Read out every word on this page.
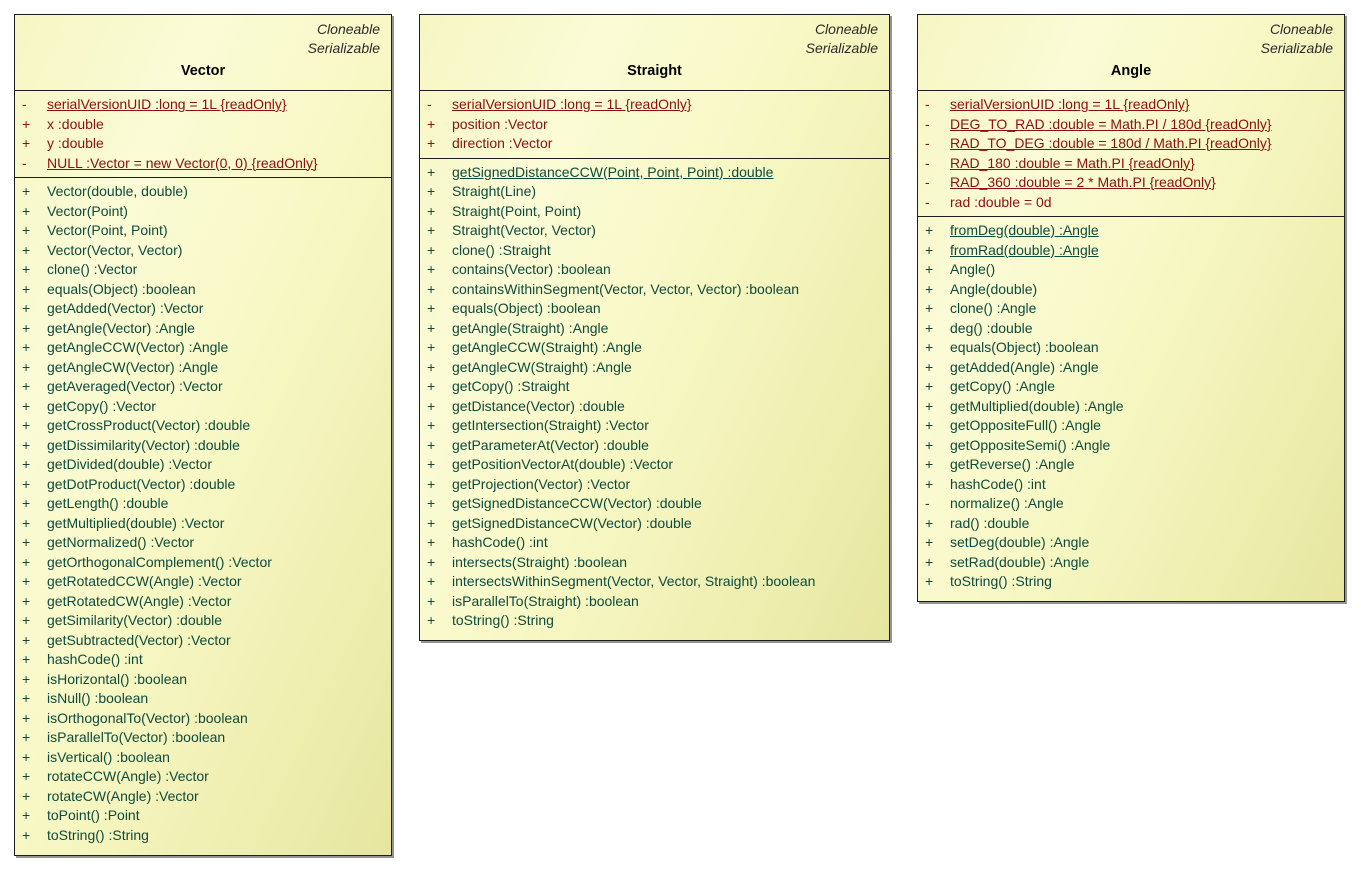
Cloneable
Serializable
Vector
-	serialVersionUID :long = 1L {readOnly}
+	x :double
+	y :double
-	NULL :Vector = new Vector(0, 0) {readOnly}
+	Vector(double, double)
+	Vector(Point)
+	Vector(Point, Point)
+	Vector(Vector, Vector)
+	clone() :Vector
+	equals(Object) :boolean
+	getAdded(Vector) :Vector
+	getAngle(Vector) :Angle
+	getAngleCCW(Vector) :Angle
+	getAngleCW(Vector) :Angle
+	getAveraged(Vector) :Vector
+	getCopy() :Vector
+	getCrossProduct(Vector) :double
+	getDissimilarity(Vector) :double
+	getDivided(double) :Vector
+	getDotProduct(Vector) :double
+	getLength() :double
+	getMultiplied(double) :Vector
+	getNormalized() :Vector
+	getOrthogonalComplement() :Vector
+	getRotatedCCW(Angle) :Vector
+	getRotatedCW(Angle) :Vector
+	getSimilarity(Vector) :double
+	getSubtracted(Vector) :Vector
+	hashCode() :int
+	isHorizontal() :boolean
+	isNull() :boolean
+	isOrthogonalTo(Vector) :boolean
+	isParallelTo(Vector) :boolean
+	isVertical() :boolean
+	rotateCCW(Angle) :Vector
+	rotateCW(Angle) :Vector
+	toPoint() :Point
+	toString() :String
Cloneable
Serializable
Straight
-	serialVersionUID :long = 1L {readOnly}
+	position :Vector
+	direction :Vector
+	getSignedDistanceCCW(Point, Point, Point) :double
+	Straight(Line)
+	Straight(Point, Point)
+	Straight(Vector, Vector)
+	clone() :Straight
+	contains(Vector) :boolean
+	containsWithinSegment(Vector, Vector, Vector) :boolean
+	equals(Object) :boolean
+	getAngle(Straight) :Angle
+	getAngleCCW(Straight) :Angle
+	getAngleCW(Straight) :Angle
+	getCopy() :Straight
+	getDistance(Vector) :double
+	getIntersection(Straight) :Vector
+	getParameterAt(Vector) :double
+	getPositionVectorAt(double) :Vector
+	getProjection(Vector) :Vector
+	getSignedDistanceCCW(Vector) :double
+	getSignedDistanceCW(Vector) :double
+	hashCode() :int
+	intersects(Straight) :boolean
+	intersectsWithinSegment(Vector, Vector, Straight) :boolean
+	isParallelTo(Straight) :boolean
+	toString() :String
Cloneable
Serializable
Angle
-	serialVersionUID :long = 1L {readOnly}
-	DEG_TO_RAD :double = Math.PI / 180d {readOnly}
-	RAD_TO_DEG :double = 180d / Math.PI {readOnly}
-	RAD_180 :double = Math.PI {readOnly}
-	RAD_360 :double = 2 * Math.PI {readOnly}
-	rad :double = 0d
+	fromDeg(double) :Angle
+	fromRad(double) :Angle
+	Angle()
+	Angle(double)
+	clone() :Angle
+	deg() :double
+	equals(Object) :boolean
+	getAdded(Angle) :Angle
+	getCopy() :Angle
+	getMultiplied(double) :Angle
+	getOppositeFull() :Angle
+	getOppositeSemi() :Angle
+	getReverse() :Angle
+	hashCode() :int
-	normalize() :Angle
+	rad() :double
+	setDeg(double) :Angle
+	setRad(double) :Angle
+	toString() :String
